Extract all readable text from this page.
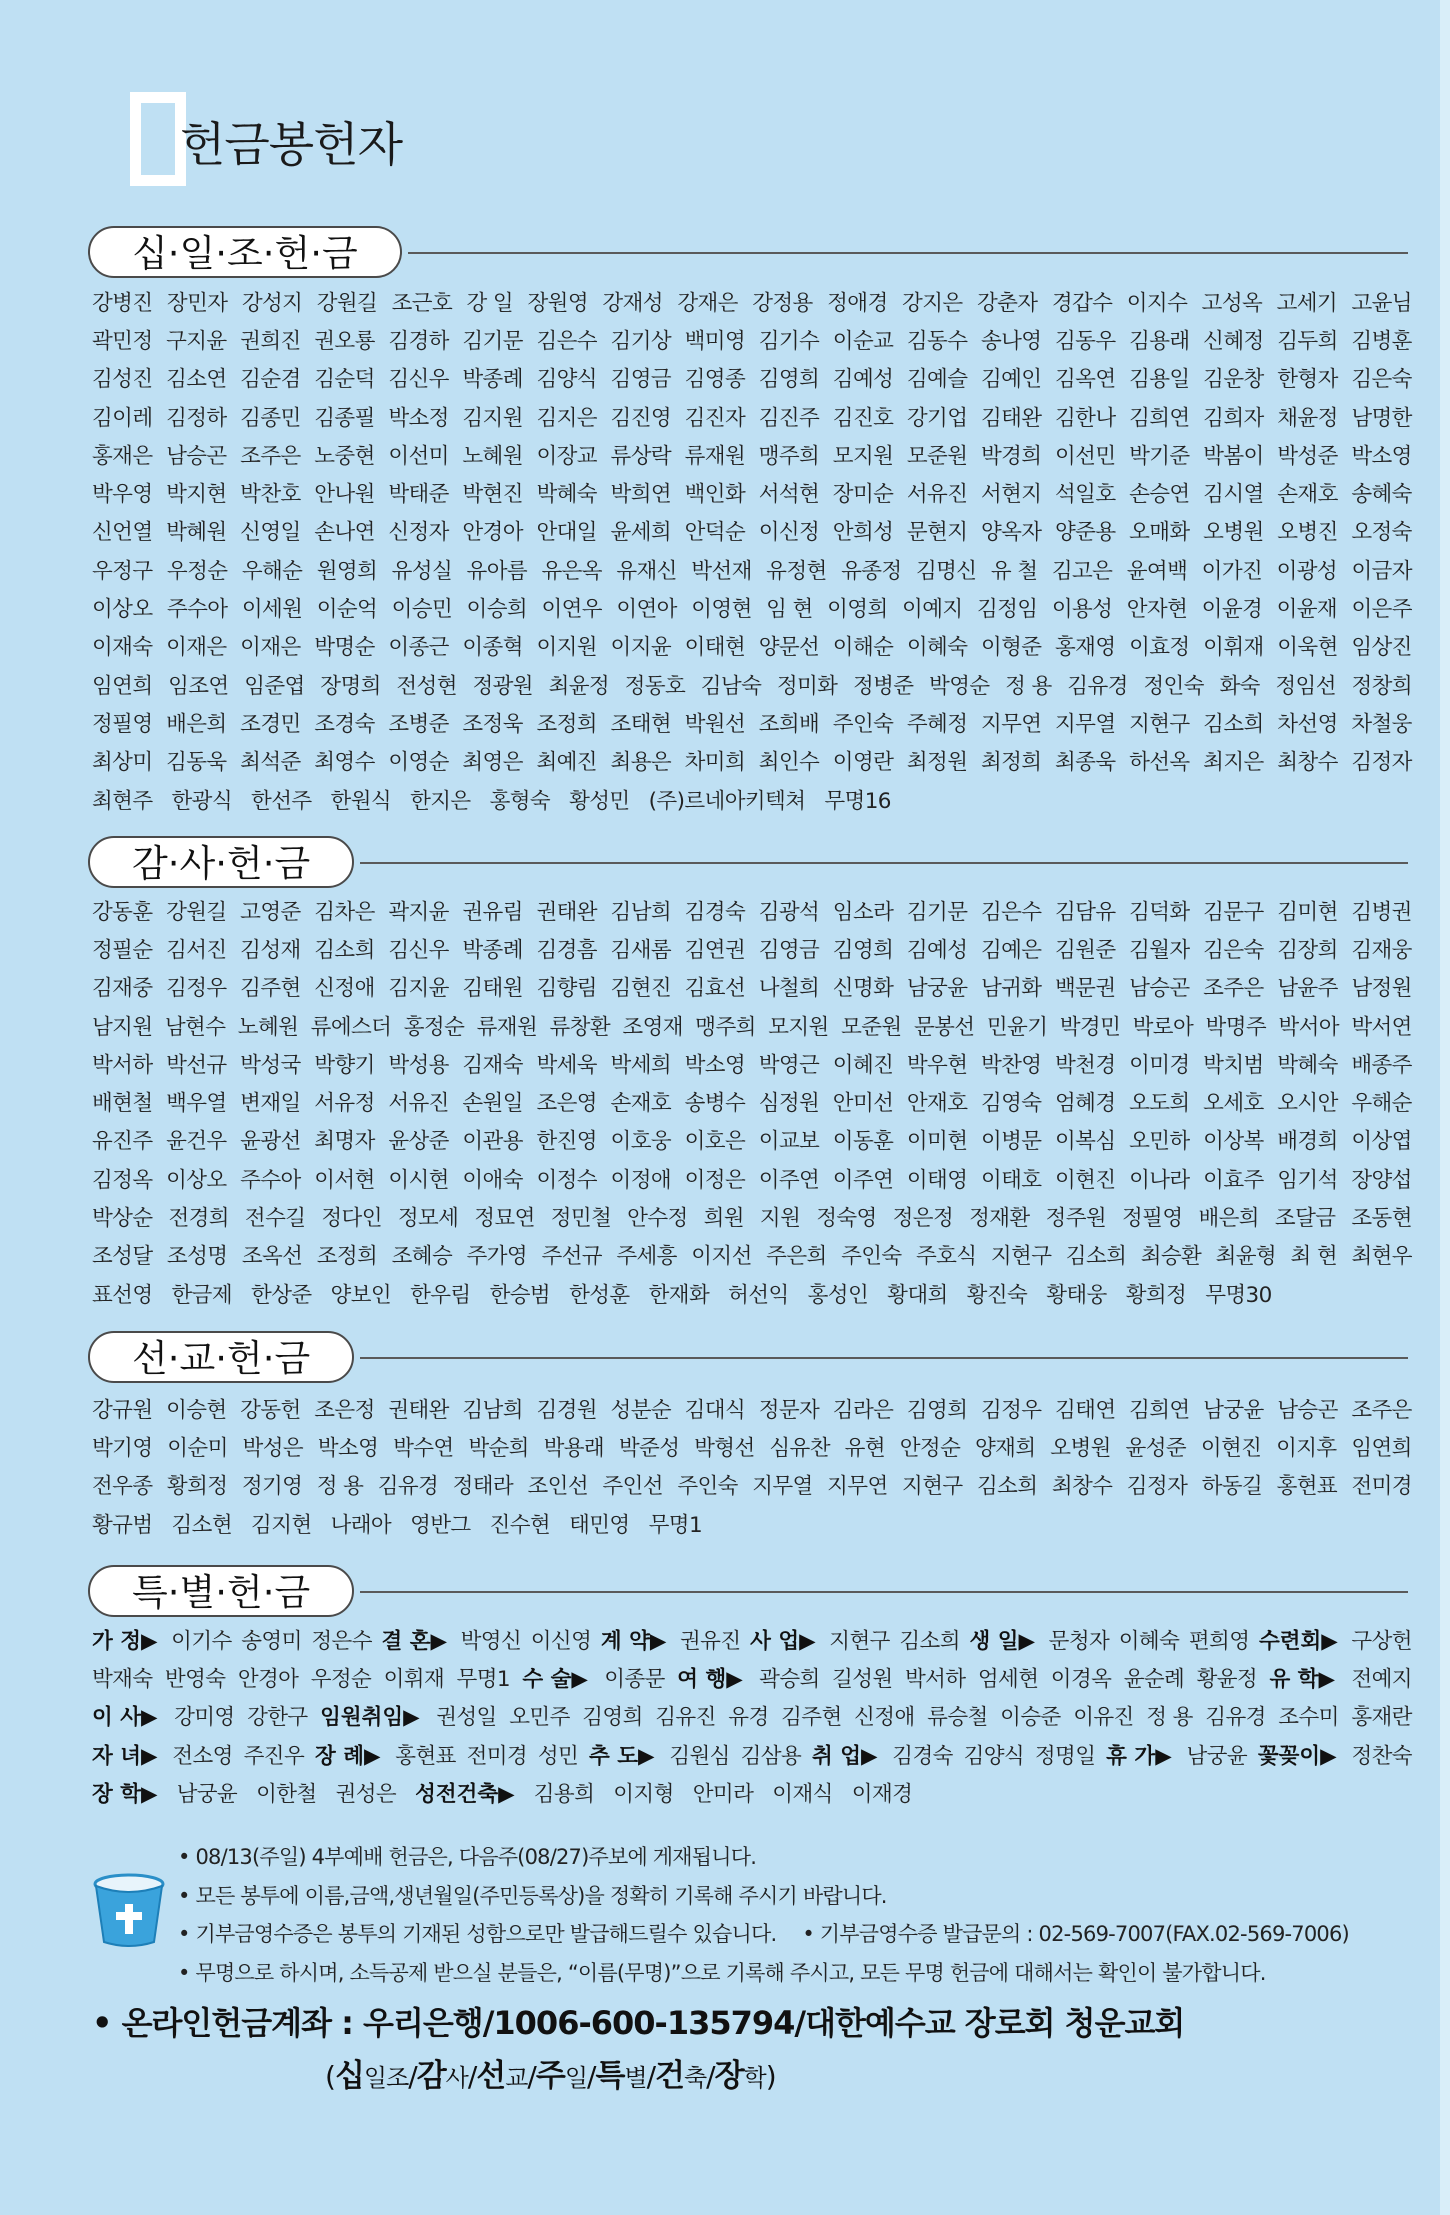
헌금봉헌자
십·일·조·헌·금
강병진 장민자 강성지 강원길 조근호 강 일 장원영 강재성 강재은 강정용 정애경 강지은 강춘자 경갑수 이지수 고성옥 고세기 고윤님
곽민정 구지윤 권희진 권오룡 김경하 김기문 김은수 김기상 백미영 김기수 이순교 김동수 송나영 김동우 김용래 신혜정 김두희 김병훈
김성진 김소연 김순겸 김순덕 김신우 박종례 김양식 김영금 김영종 김영희 김예성 김예슬 김예인 김옥연 김용일 김운창 한형자 김은숙
김이레 김정하 김종민 김종필 박소정 김지원 김지은 김진영 김진자 김진주 김진호 강기업 김태완 김한나 김희연 김희자 채윤정 남명한
홍재은 남승곤 조주은 노중현 이선미 노혜원 이장교 류상락 류재원 맹주희 모지원 모준원 박경희 이선민 박기준 박봄이 박성준 박소영
박우영 박지현 박찬호 안나원 박태준 박현진 박혜숙 박희연 백인화 서석현 장미순 서유진 서현지 석일호 손승연 김시열 손재호 송혜숙
신언열 박혜원 신영일 손나연 신정자 안경아 안대일 윤세희 안덕순 이신정 안희성 문현지 양옥자 양준용 오매화 오병원 오병진 오정숙
우정구 우정순 우해순 원영희 유성실 유아름 유은옥 유재신 박선재 유정현 유종정 김명신 유 철 김고은 윤여백 이가진 이광성 이금자
이상오 주수아 이세원 이순억 이승민 이승희 이연우 이연아 이영현 임 현 이영희 이예지 김정임 이용성 안자현 이윤경 이윤재 이은주
이재숙 이재은 이재은 박명순 이종근 이종혁 이지원 이지윤 이태현 양문선 이해순 이혜숙 이형준 홍재영 이효정 이휘재 이욱현 임상진
임연희 임조연 임준엽 장명희 전성현 정광원 최윤정 정동호 김남숙 정미화 정병준 박영순 정 용 김유경 정인숙 화숙 정임선 정창희
정필영 배은희 조경민 조경숙 조병준 조정욱 조정희 조태현 박원선 조희배 주인숙 주혜정 지무연 지무열 지현구 김소희 차선영 차철웅
최상미 김동욱 최석준 최영수 이영순 최영은 최예진 최용은 차미희 최인수 이영란 최정원 최정희 최종욱 하선옥 최지은 최창수 김정자
최현주 한광식 한선주 한원식 한지은 홍형숙 황성민 (주)르네아키텍쳐 무명16
감·사·헌·금
강동훈 강원길 고영준 김차은 곽지윤 권유림 권태완 김남희 김경숙 김광석 임소라 김기문 김은수 김담유 김덕화 김문구 김미현 김병권
정필순 김서진 김성재 김소희 김신우 박종례 김경흠 김새롬 김연권 김영금 김영희 김예성 김예은 김원준 김월자 김은숙 김장희 김재웅
김재중 김정우 김주현 신정애 김지윤 김태원 김향림 김현진 김효선 나철희 신명화 남궁윤 남귀화 백문권 남승곤 조주은 남윤주 남정원
남지원 남현수 노혜원 류에스더 홍정순 류재원 류창환 조영재 맹주희 모지원 모준원 문봉선 민윤기 박경민 박로아 박명주 박서아 박서연
박서하 박선규 박성국 박향기 박성용 김재숙 박세욱 박세희 박소영 박영근 이혜진 박우현 박찬영 박천경 이미경 박치범 박혜숙 배종주
배현철 백우열 변재일 서유정 서유진 손원일 조은영 손재호 송병수 심정원 안미선 안재호 김영숙 엄혜경 오도희 오세호 오시안 우해순
유진주 윤건우 윤광선 최명자 윤상준 이관용 한진영 이호웅 이호은 이교보 이동훈 이미현 이병문 이복심 오민하 이상복 배경희 이상엽
김정옥 이상오 주수아 이서현 이시현 이애숙 이정수 이정애 이정은 이주연 이주연 이태영 이태호 이현진 이나라 이효주 임기석 장양섭
박상순 전경희 전수길 정다인 정모세 정묘연 정민철 안수정 희원 지원 정숙영 정은정 정재환 정주원 정필영 배은희 조달금 조동현
조성달 조성명 조옥선 조정희 조혜승 주가영 주선규 주세흥 이지선 주은희 주인숙 주호식 지현구 김소희 최승환 최윤형 최 현 최현우
표선영 한금제 한상준 양보인 한우림 한승범 한성훈 한재화 허선익 홍성인 황대희 황진숙 황태웅 황희정 무명30
선·교·헌·금
강규원 이승현 강동헌 조은정 권태완 김남희 김경원 성분순 김대식 정문자 김라은 김영희 김정우 김태연 김희연 남궁윤 남승곤 조주은
박기영 이순미 박성은 박소영 박수연 박순희 박용래 박준성 박형선 심유찬 유현 안정순 양재희 오병원 윤성준 이현진 이지후 임연희
전우종 황희정 정기영 정 용 김유경 정태라 조인선 주인선 주인숙 지무열 지무연 지현구 김소희 최창수 김정자 하동길 홍현표 전미경
황규범 김소현 김지현 나래아 영반그 진수현 태민영 무명1
특·별·헌·금
가 정▶ 이기수 송영미 정은수 결 혼▶ 박영신 이신영 계 약▶ 권유진 사 업▶ 지현구 김소희 생 일▶ 문청자 이혜숙 편희영 수련회▶ 구상헌
박재숙 반영숙 안경아 우정순 이휘재 무명1 수 술▶ 이종문 여 행▶ 곽승희 길성원 박서하 엄세현 이경옥 윤순례 황윤정 유 학▶ 전예지
이 사▶ 강미영 강한구 임원취임▶ 권성일 오민주 김영희 김유진 유경 김주현 신정애 류승철 이승준 이유진 정 용 김유경 조수미 홍재란
자 녀▶ 전소영 주진우 장 례▶ 홍현표 전미경 성민 추 도▶ 김원심 김삼용 취 업▶ 김경숙 김양식 정명일 휴 가▶ 남궁윤 꽃꽂이▶ 정찬숙
장 학▶ 남궁윤 이한철 권성은 성전건축▶ 김용희 이지형 안미라 이재식 이재경
• 08/13(주일) 4부예배 헌금은, 다음주(08/27)주보에 게재됩니다.
• 모든 봉투에 이름,금액,생년월일(주민등록상)을 정확히 기록해 주시기 바랍니다.
• 기부금영수증은 봉투의 기재된 성함으로만 발급해드릴수 있습니다. • 기부금영수증 발급문의 : 02-569-7007(FAX.02-569-7006)
• 무명으로 하시며, 소득공제 받으실 분들은, “이름(무명)”으로 기록해 주시고, 모든 무명 헌금에 대해서는 확인이 불가합니다.
• 온라인헌금계좌 : 우리은행/1006-600-135794/대한예수교 장로회 청운교회
(십일조/감사/선교/주일/특별/건축/장학)
